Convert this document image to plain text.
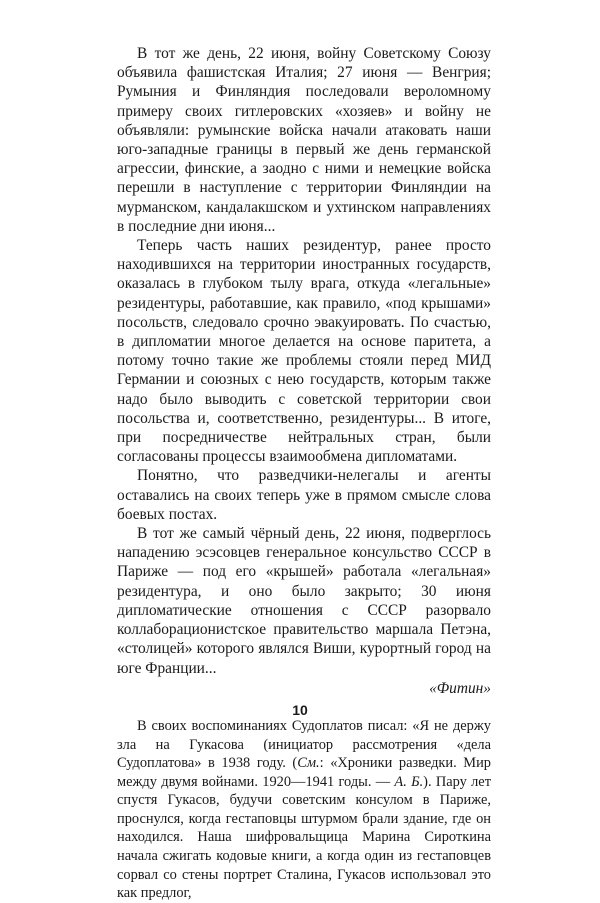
В тот же день, 22 июня, войну Советскому Союзу объявила фашистская Италия; 27 июня — Венгрия; Румыния и Финляндия последовали вероломному примеру своих гитлеровских «хозяев» и войну не объявляли: румынские войска начали атаковать наши юго-западные границы в первый же день германской агрессии, финские, а заодно с ними и немецкие войска перешли в наступление с территории Финляндии на мурманском, кандалакшском и ухтинском направлениях в последние дни июня...

Теперь часть наших резидентур, ранее просто находившихся на территории иностранных государств, оказалась в глубоком тылу врага, откуда «легальные» резидентуры, работавшие, как правило, «под крышами» посольств, следовало срочно эвакуировать. По счастью, в дипломатии многое делается на основе паритета, а потому точно такие же проблемы стояли перед МИД Германии и союзных с нею государств, которым также надо было выводить с советской территории свои посольства и, соответственно, резидентуры... В итоге, при посредничестве нейтральных стран, были согласованы процессы взаимообмена дипломатами.

Понятно, что разведчики-нелегалы и агенты оставались на своих теперь уже в прямом смысле слова боевых постах.

В тот же самый чёрный день, 22 июня, подверглось нападению эсэсовцев генеральное консульство СССР в Париже — под его «крышей» работала «легальная» резидентура, и оно было закрыто; 30 июня дипломатические отношения с СССР разорвало коллаборационистское правительство маршала Петэна, «столицей» которого являлся Виши, курортный город на юге Франции...

«Фитин»

В своих воспоминаниях Судоплатов писал: «Я не держу зла на Гукасова (инициатор рассмотрения «дела Судоплатова» в 1938 году. (См.: «Хроники разведки. Мир между двумя войнами. 1920—1941 годы. — А. Б.). Пару лет спустя Гукасов, будучи советским консулом в Париже, проснулся, когда гестаповцы штурмом брали здание, где он находился. Наша шифровальщица Марина Сироткина начала сжигать кодовые книги, а когда один из гестаповцев сорвал со стены портрет Сталина, Гукасов использовал это как предлог,

10
